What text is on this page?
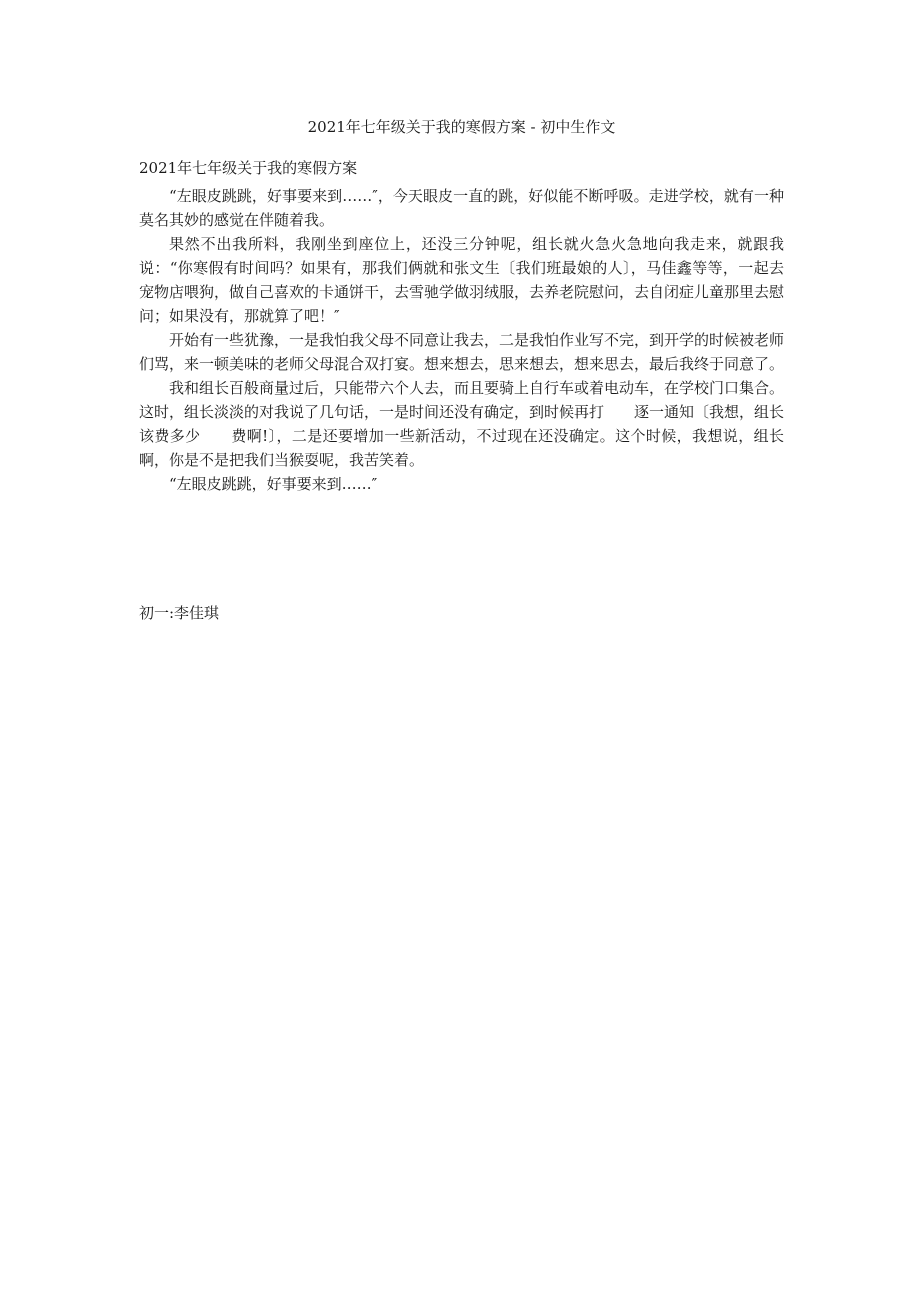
2021年七年级关于我的寒假方案 - 初中生作文
2021年七年级关于我的寒假方案

“左眼皮跳跳，好事要来到……″，今天眼皮一直的跳，好似能不断呼吸。走进学校，就有一种莫名其妙的感觉在伴随着我。

果然不出我所料，我刚坐到座位上，还没三分钟呢，组长就火急火急地向我走来，就跟我说：“你寒假有时间吗？如果有，那我们俩就和张文生〔我们班最娘的人〕，马佳鑫等等，一起去宠物店喂狗，做自己喜欢的卡通饼干，去雪驰学做羽绒服，去养老院慰问，去自闭症儿童那里去慰问；如果没有，那就算了吧！″

开始有一些犹豫，一是我怕我父母不同意让我去，二是我怕作业写不完，到开学的时候被老师们骂，来一顿美味的老师父母混合双打宴。想来想去，思来想去，想来思去，最后我终于同意了。

我和组长百般商量过后，只能带六个人去，而且要骑上自行车或着电动车，在学校门口集合。这时，组长淡淡的对我说了几句话，一是时间还没有确定，到时候再打　　逐一通知〔我想，组长该费多少　　费啊!〕，二是还要增加一些新活动，不过现在还没确定。这个时候，我想说，组长啊，你是不是把我们当猴耍呢，我苦笑着。

“左眼皮跳跳，好事要来到……″

初一:李佳琪
